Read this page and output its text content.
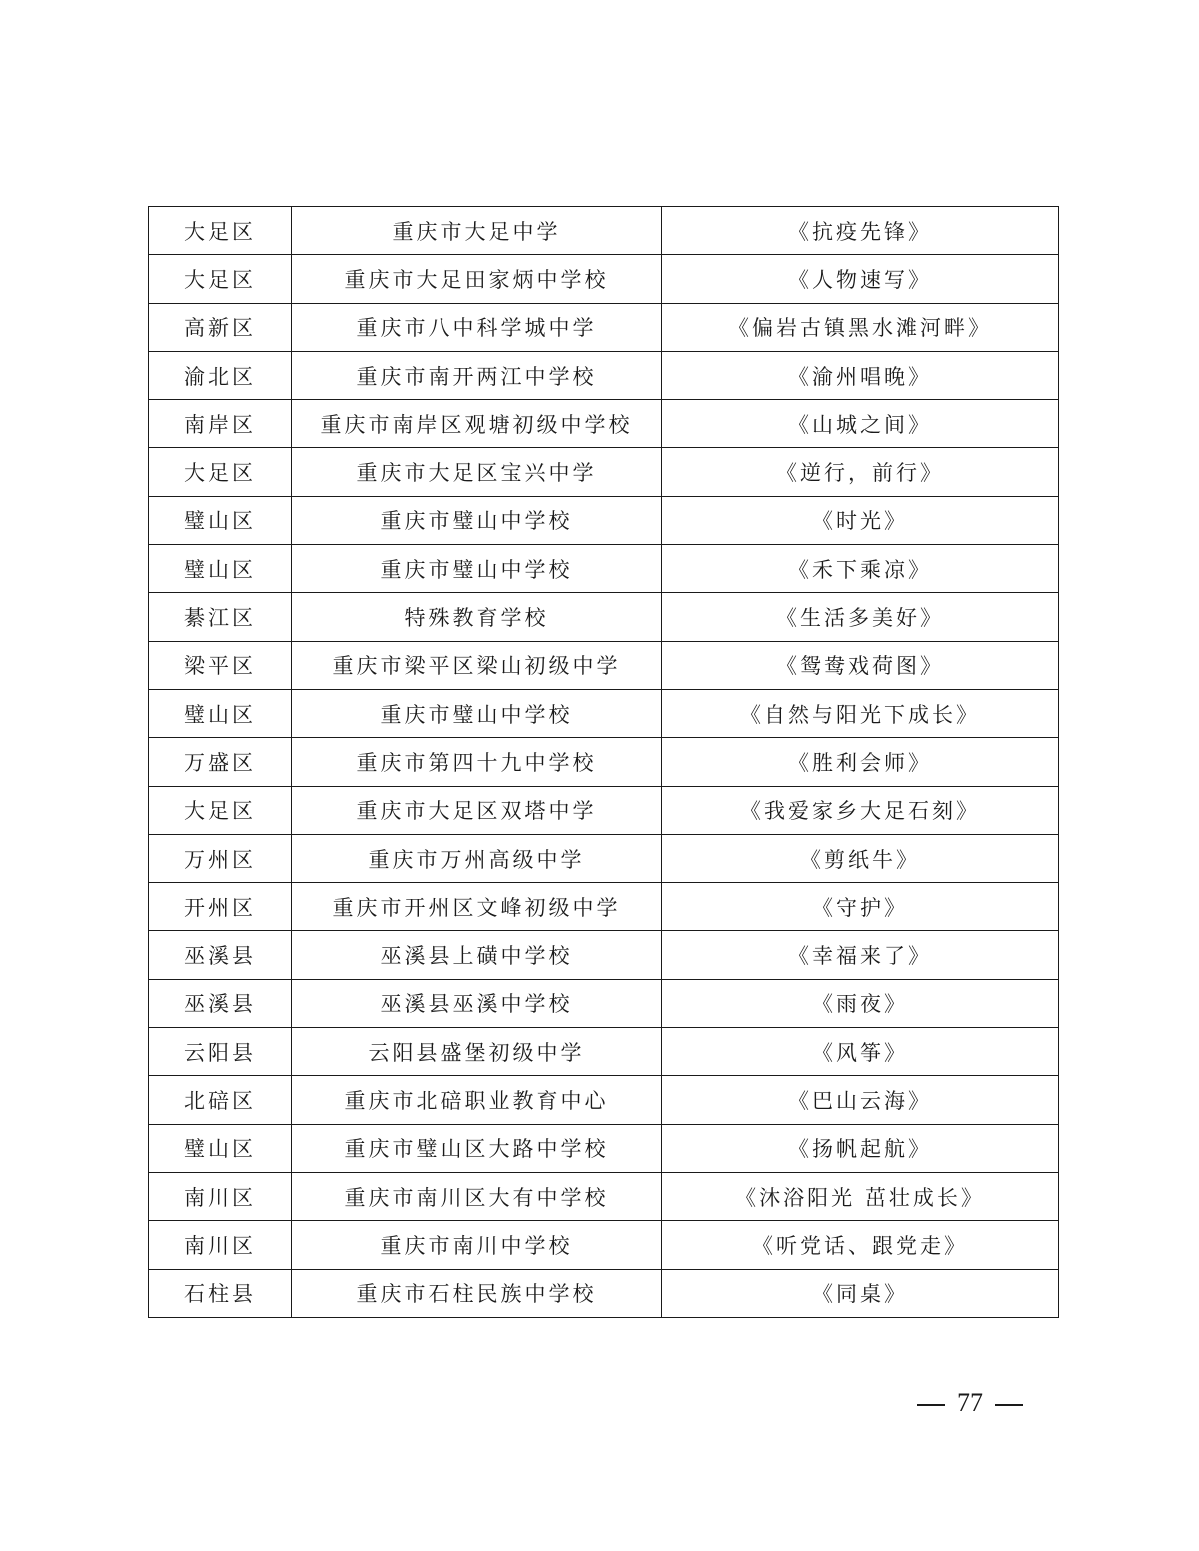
大足区	重庆市大足中学	《抗疫先锋》
大足区	重庆市大足田家炳中学校	《人物速写》
高新区	重庆市八中科学城中学	《偏岩古镇黑水滩河畔》
渝北区	重庆市南开两江中学校	《渝州唱晚》
南岸区	重庆市南岸区观塘初级中学校	《山城之间》
大足区	重庆市大足区宝兴中学	《逆行，前行》
璧山区	重庆市璧山中学校	《时光》
璧山区	重庆市璧山中学校	《禾下乘凉》
綦江区	特殊教育学校	《生活多美好》
梁平区	重庆市梁平区梁山初级中学	《鸳鸯戏荷图》
璧山区	重庆市璧山中学校	《自然与阳光下成长》
万盛区	重庆市第四十九中学校	《胜利会师》
大足区	重庆市大足区双塔中学	《我爱家乡大足石刻》
万州区	重庆市万州高级中学	《剪纸牛》
开州区	重庆市开州区文峰初级中学	《守护》
巫溪县	巫溪县上磺中学校	《幸福来了》
巫溪县	巫溪县巫溪中学校	《雨夜》
云阳县	云阳县盛堡初级中学	《风筝》
北碚区	重庆市北碚职业教育中心	《巴山云海》
璧山区	重庆市璧山区大路中学校	《扬帆起航》
南川区	重庆市南川区大有中学校	《沐浴阳光 茁壮成长》
南川区	重庆市南川中学校	《听党话、跟党走》
石柱县	重庆市石柱民族中学校	《同桌》
77
